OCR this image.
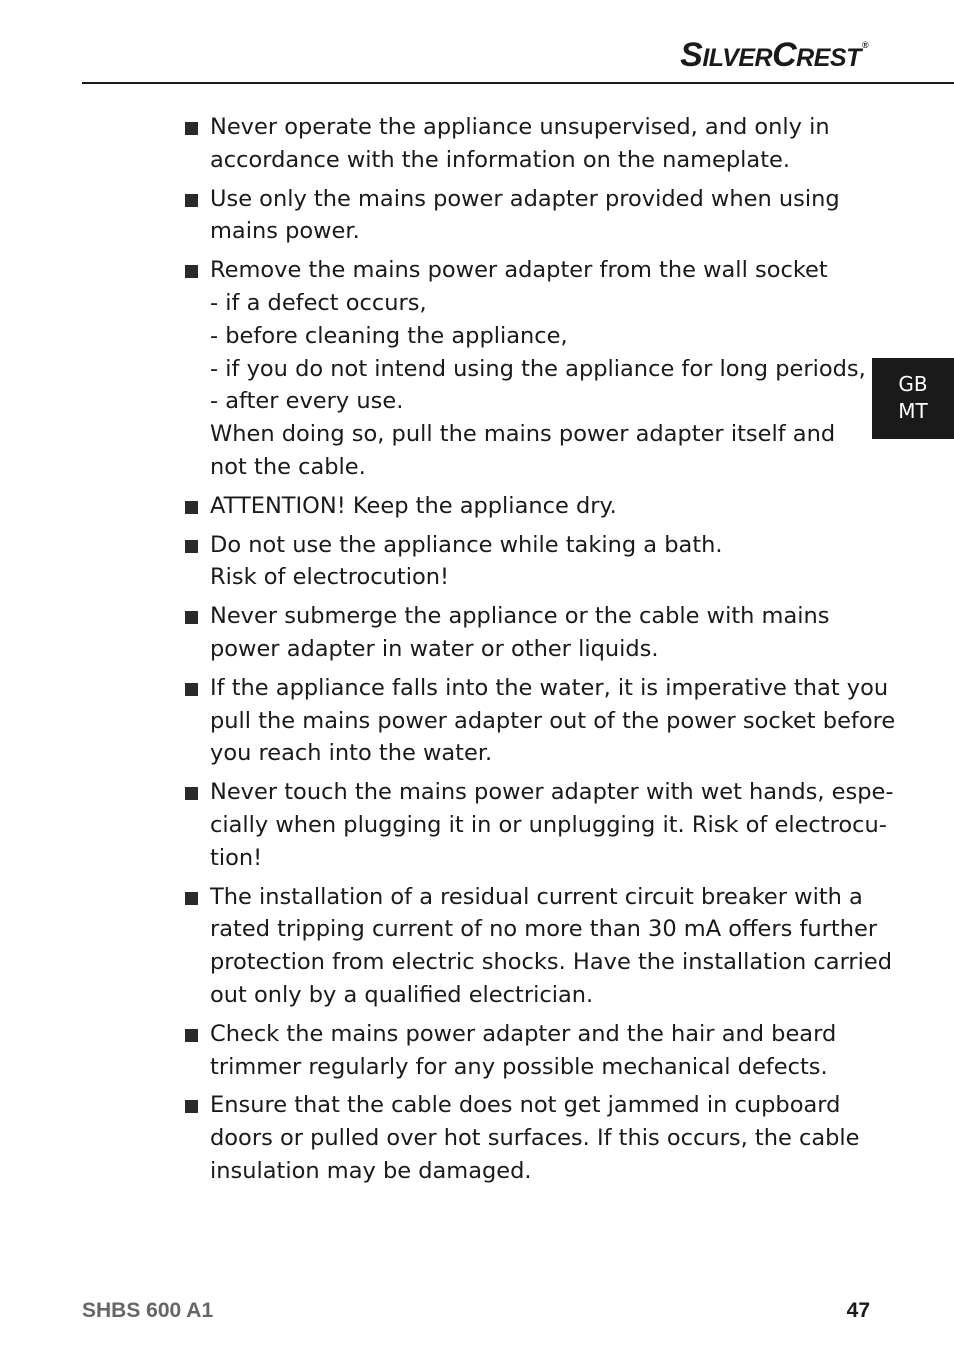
SILVERCREST®
GB
MT
Never operate the appliance unsupervised, and only in
accordance with the information on the nameplate.
Use only the mains power adapter provided when using
mains power.
Remove the mains power adapter from the wall socket
- if a defect occurs,
- before cleaning the appliance,
- if you do not intend using the appliance for long periods,
- after every use.
When doing so, pull the mains power adapter itself and
not the cable.
ATTENTION! Keep the appliance dry.
Do not use the appliance while taking a bath.
Risk of electrocution!
Never submerge the appliance or the cable with mains
power adapter in water or other liquids.
If the appliance falls into the water, it is imperative that you
pull the mains power adapter out of the power socket before
you reach into the water.
Never touch the mains power adapter with wet hands, espe-
cially when plugging it in or unplugging it. Risk of electrocu-
tion!
The installation of a residual current circuit breaker with a
rated tripping current of no more than 30 mA offers further
protection from electric shocks. Have the installation carried
out only by a qualified electrician.
Check the mains power adapter and the hair and beard
trimmer regularly for any possible mechanical defects.
Ensure that the cable does not get jammed in cupboard
doors or pulled over hot surfaces. If this occurs, the cable
insulation may be damaged.
SHBS 600 A1	47
